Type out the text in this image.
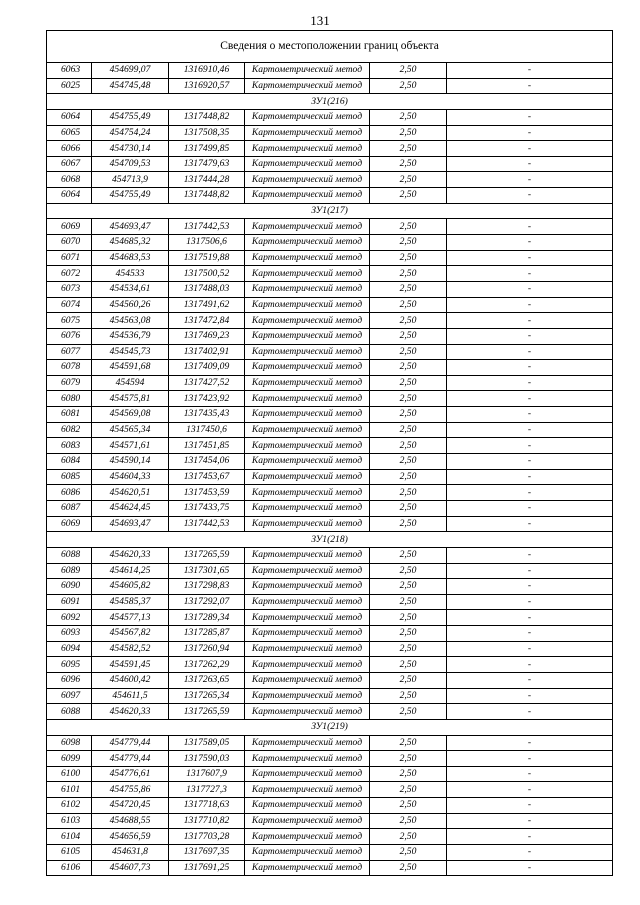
131
Сведения о местоположении границ объекта					
6063	454699,07	1316910,46	Картометрический метод	2,50	-
6025	454745,48	1316920,57	Картометрический метод	2,50	-
ЗУ1(216)					
6064	454755,49	1317448,82	Картометрический метод	2,50	-
6065	454754,24	1317508,35	Картометрический метод	2,50	-
6066	454730,14	1317499,85	Картометрический метод	2,50	-
6067	454709,53	1317479,63	Картометрический метод	2,50	-
6068	454713,9	1317444,28	Картометрический метод	2,50	-
6064	454755,49	1317448,82	Картометрический метод	2,50	-
ЗУ1(217)					
6069	454693,47	1317442,53	Картометрический метод	2,50	-
6070	454685,32	1317506,6	Картометрический метод	2,50	-
6071	454683,53	1317519,88	Картометрический метод	2,50	-
6072	454533	1317500,52	Картометрический метод	2,50	-
6073	454534,61	1317488,03	Картометрический метод	2,50	-
6074	454560,26	1317491,62	Картометрический метод	2,50	-
6075	454563,08	1317472,84	Картометрический метод	2,50	-
6076	454536,79	1317469,23	Картометрический метод	2,50	-
6077	454545,73	1317402,91	Картометрический метод	2,50	-
6078	454591,68	1317409,09	Картометрический метод	2,50	-
6079	454594	1317427,52	Картометрический метод	2,50	-
6080	454575,81	1317423,92	Картометрический метод	2,50	-
6081	454569,08	1317435,43	Картометрический метод	2,50	-
6082	454565,34	1317450,6	Картометрический метод	2,50	-
6083	454571,61	1317451,85	Картометрический метод	2,50	-
6084	454590,14	1317454,06	Картометрический метод	2,50	-
6085	454604,33	1317453,67	Картометрический метод	2,50	-
6086	454620,51	1317453,59	Картометрический метод	2,50	-
6087	454624,45	1317433,75	Картометрический метод	2,50	-
6069	454693,47	1317442,53	Картометрический метод	2,50	-
ЗУ1(218)					
6088	454620,33	1317265,59	Картометрический метод	2,50	-
6089	454614,25	1317301,65	Картометрический метод	2,50	-
6090	454605,82	1317298,83	Картометрический метод	2,50	-
6091	454585,37	1317292,07	Картометрический метод	2,50	-
6092	454577,13	1317289,34	Картометрический метод	2,50	-
6093	454567,82	1317285,87	Картометрический метод	2,50	-
6094	454582,52	1317260,94	Картометрический метод	2,50	-
6095	454591,45	1317262,29	Картометрический метод	2,50	-
6096	454600,42	1317263,65	Картометрический метод	2,50	-
6097	454611,5	1317265,34	Картометрический метод	2,50	-
6088	454620,33	1317265,59	Картометрический метод	2,50	-
ЗУ1(219)					
6098	454779,44	1317589,05	Картометрический метод	2,50	-
6099	454779,44	1317590,03	Картометрический метод	2,50	-
6100	454776,61	1317607,9	Картометрический метод	2,50	-
6101	454755,86	1317727,3	Картометрический метод	2,50	-
6102	454720,45	1317718,63	Картометрический метод	2,50	-
6103	454688,55	1317710,82	Картометрический метод	2,50	-
6104	454656,59	1317703,28	Картометрический метод	2,50	-
6105	454631,8	1317697,35	Картометрический метод	2,50	-
6106	454607,73	1317691,25	Картометрический метод	2,50	-
